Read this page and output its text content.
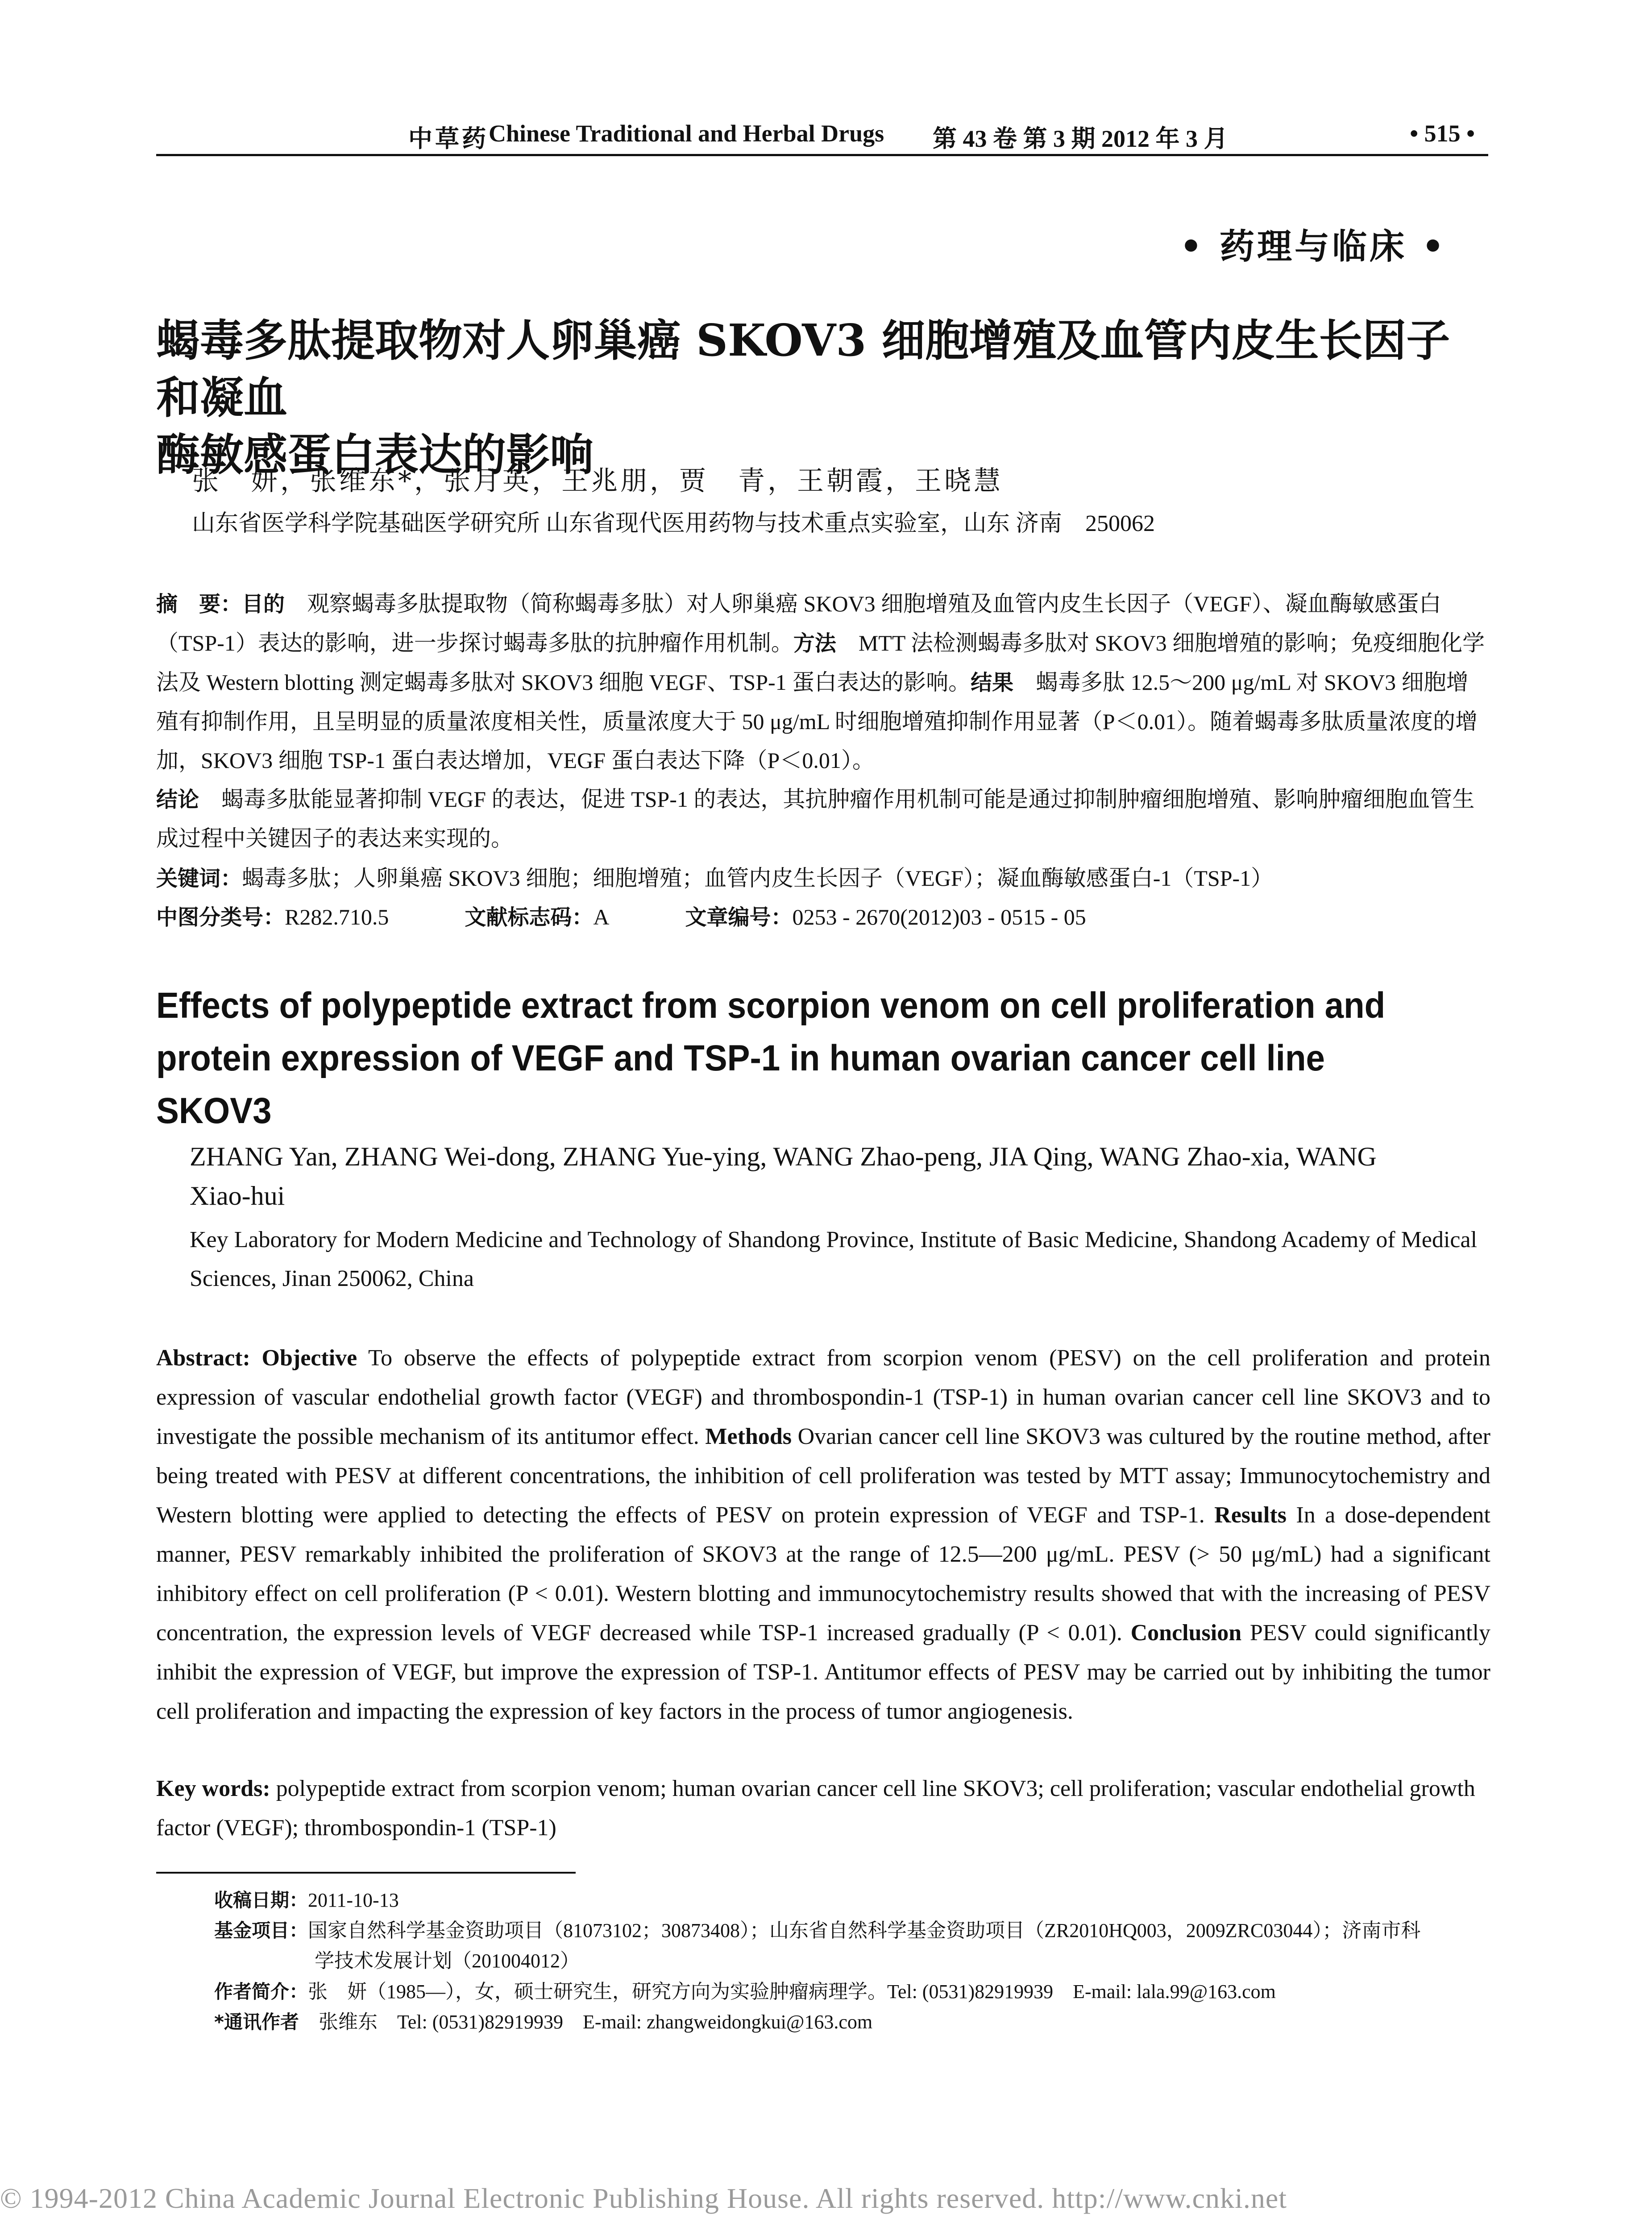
中草药 Chinese Traditional and Herbal Drugs 第 43 卷 第 3 期 2012 年 3 月	• 515 •
• 药理与临床 •
蝎毒多肽提取物对人卵巢癌 SKOV3 细胞增殖及血管内皮生长因子和凝血
酶敏感蛋白表达的影响
张　妍，张维东*，张月英，王兆朋，贾　青，王朝霞，王晓慧
山东省医学科学院基础医学研究所 山东省现代医用药物与技术重点实验室，山东 济南　250062
摘　要：目的　观察蝎毒多肽提取物（简称蝎毒多肽）对人卵巢癌 SKOV3 细胞增殖及血管内皮生长因子（VEGF）、凝血酶敏感蛋白（TSP-1）表达的影响，进一步探讨蝎毒多肽的抗肿瘤作用机制。方法　MTT 法检测蝎毒多肽对 SKOV3 细胞增殖的影响；免疫细胞化学法及 Western blotting 测定蝎毒多肽对 SKOV3 细胞 VEGF、TSP-1 蛋白表达的影响。结果　蝎毒多肽 12.5～200 μg/mL 对 SKOV3 细胞增殖有抑制作用，且呈明显的质量浓度相关性，质量浓度大于 50 μg/mL 时细胞增殖抑制作用显著（P＜0.01）。随着蝎毒多肽质量浓度的增加，SKOV3 细胞 TSP-1 蛋白表达增加，VEGF 蛋白表达下降（P＜0.01）。
结论　蝎毒多肽能显著抑制 VEGF 的表达，促进 TSP-1 的表达，其抗肿瘤作用机制可能是通过抑制肿瘤细胞增殖、影响肿瘤细胞血管生成过程中关键因子的表达来实现的。
关键词：蝎毒多肽；人卵巢癌 SKOV3 细胞；细胞增殖；血管内皮生长因子（VEGF）；凝血酶敏感蛋白-1（TSP-1）
中图分类号：R282.710.5	文献标志码：A	文章编号：0253 - 2670(2012)03 - 0515 - 05
Effects of polypeptide extract from scorpion venom on cell proliferation and protein expression of VEGF and TSP-1 in human ovarian cancer cell line SKOV3
ZHANG Yan, ZHANG Wei-dong, ZHANG Yue-ying, WANG Zhao-peng, JIA Qing, WANG Zhao-xia, WANG Xiao-hui
Key Laboratory for Modern Medicine and Technology of Shandong Province, Institute of Basic Medicine, Shandong Academy of Medical Sciences, Jinan 250062, China
Abstract: Objective To observe the effects of polypeptide extract from scorpion venom (PESV) on the cell proliferation and protein expression of vascular endothelial growth factor (VEGF) and thrombospondin-1 (TSP-1) in human ovarian cancer cell line SKOV3 and to investigate the possible mechanism of its antitumor effect. Methods Ovarian cancer cell line SKOV3 was cultured by the routine method, after being treated with PESV at different concentrations, the inhibition of cell proliferation was tested by MTT assay; Immunocytochemistry and Western blotting were applied to detecting the effects of PESV on protein expression of VEGF and TSP-1. Results In a dose-dependent manner, PESV remarkably inhibited the proliferation of SKOV3 at the range of 12.5—200 μg/mL. PESV (> 50 μg/mL) had a significant inhibitory effect on cell proliferation (P < 0.01). Western blotting and immunocytochemistry results showed that with the increasing of PESV concentration, the expression levels of VEGF decreased while TSP-1 increased gradually (P < 0.01). Conclusion PESV could significantly inhibit the expression of VEGF, but improve the expression of TSP-1. Antitumor effects of PESV may be carried out by inhibiting the tumor cell proliferation and impacting the expression of key factors in the process of tumor angiogenesis.
Key words: polypeptide extract from scorpion venom; human ovarian cancer cell line SKOV3; cell proliferation; vascular endothelial growth factor (VEGF); thrombospondin-1 (TSP-1)
收稿日期：2011-10-13
基金项目：国家自然科学基金资助项目（81073102；30873408）；山东省自然科学基金资助项目（ZR2010HQ003，2009ZRC03044）；济南市科
学技术发展计划（201004012）
作者简介：张　妍（1985—），女，硕士研究生，研究方向为实验肿瘤病理学。Tel: (0531)82919939　E-mail: lala.99@163.com
*通讯作者　张维东　Tel: (0531)82919939　E-mail: zhangweidongkui@163.com
© 1994-2012 China Academic Journal Electronic Publishing House. All rights reserved. http://www.cnki.net
